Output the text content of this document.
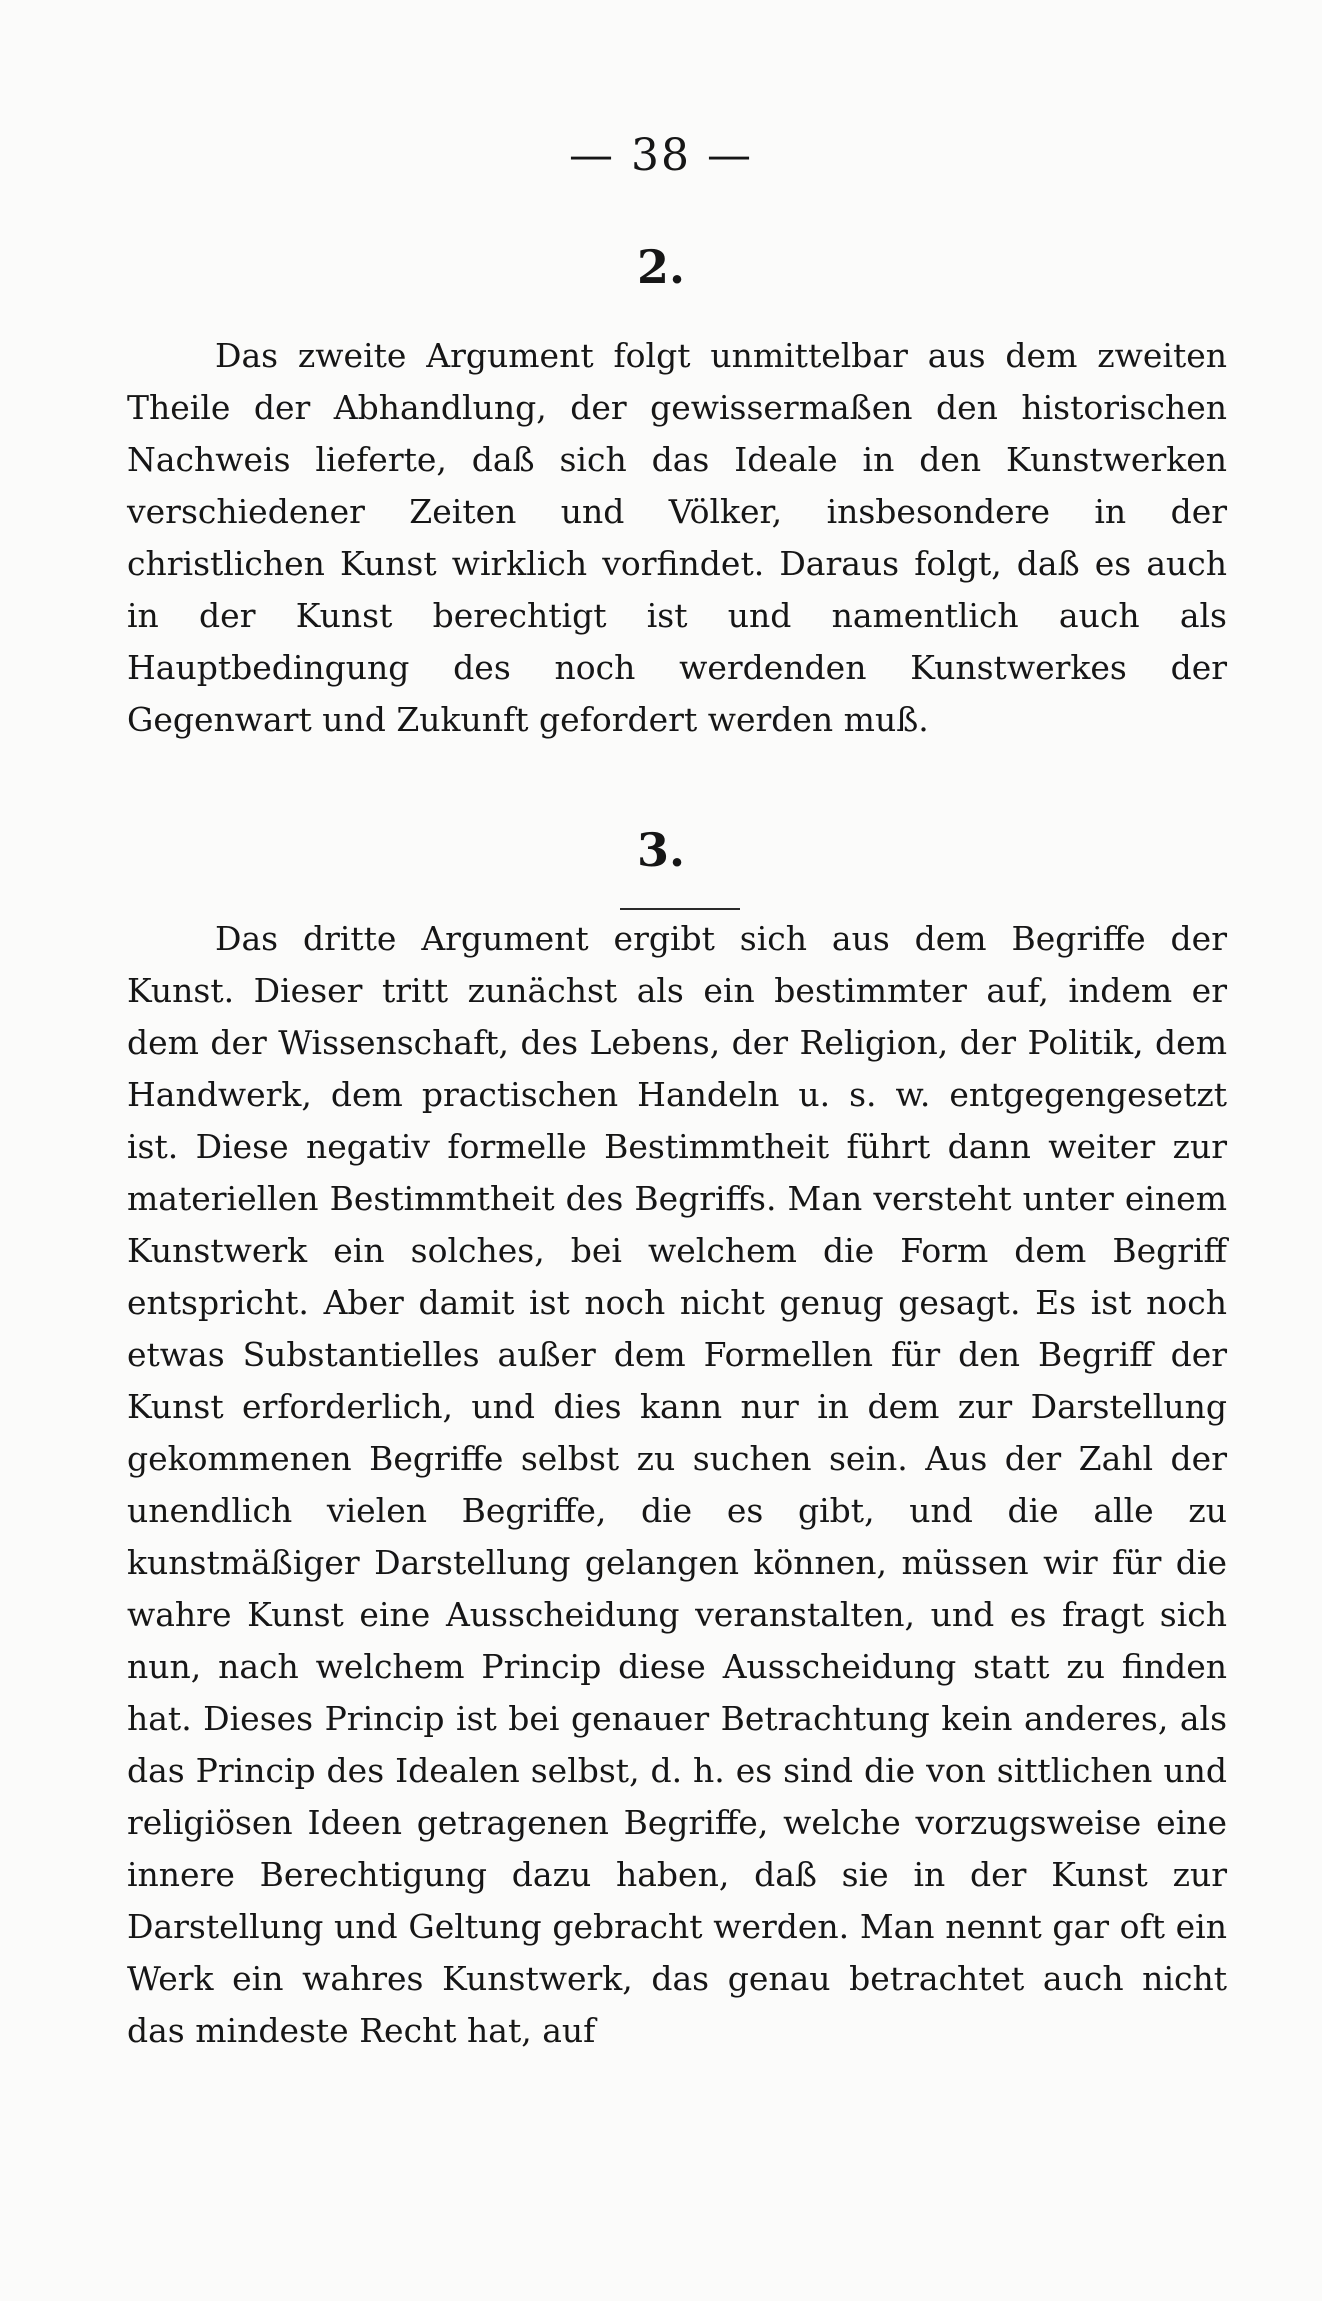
— 38 —
2.

Das zweite Argument folgt unmittelbar aus dem zweiten Theile der Abhandlung, der gewissermaßen den historischen Nachweis lieferte, daß sich das Ideale in den Kunstwerken verschiedener Zeiten und Völker, insbesondere in der christlichen Kunst wirklich vorfindet. Daraus folgt, daß es auch in der Kunst berechtigt ist und namentlich auch als Hauptbedingung des noch werdenden Kunstwerkes der Gegenwart und Zukunft gefordert werden muß.

3.

Das dritte Argument ergibt sich aus dem Begriffe der Kunst. Dieser tritt zunächst als ein bestimmter auf, indem er dem der Wissenschaft, des Lebens, der Religion, der Politik, dem Handwerk, dem practischen Handeln u. s. w. entgegengesetzt ist. Diese negativ formelle Bestimmtheit führt dann weiter zur materiellen Bestimmtheit des Begriffs. Man versteht unter einem Kunstwerk ein solches, bei welchem die Form dem Begriff entspricht. Aber damit ist noch nicht genug gesagt. Es ist noch etwas Substantielles außer dem Formellen für den Begriff der Kunst erforderlich, und dies kann nur in dem zur Darstellung gekommenen Begriffe selbst zu suchen sein. Aus der Zahl der unendlich vielen Begriffe, die es gibt, und die alle zu kunstmäßiger Darstellung gelangen können, müssen wir für die wahre Kunst eine Ausscheidung veranstalten, und es fragt sich nun, nach welchem Princip diese Ausscheidung statt zu finden hat. Dieses Princip ist bei genauer Betrachtung kein anderes, als das Princip des Idealen selbst, d. h. es sind die von sittlichen und religiösen Ideen getragenen Begriffe, welche vorzugsweise eine innere Berechtigung dazu haben, daß sie in der Kunst zur Darstellung und Geltung gebracht werden. Man nennt gar oft ein Werk ein wahres Kunstwerk, das genau betrachtet auch nicht das mindeste Recht hat, auf
